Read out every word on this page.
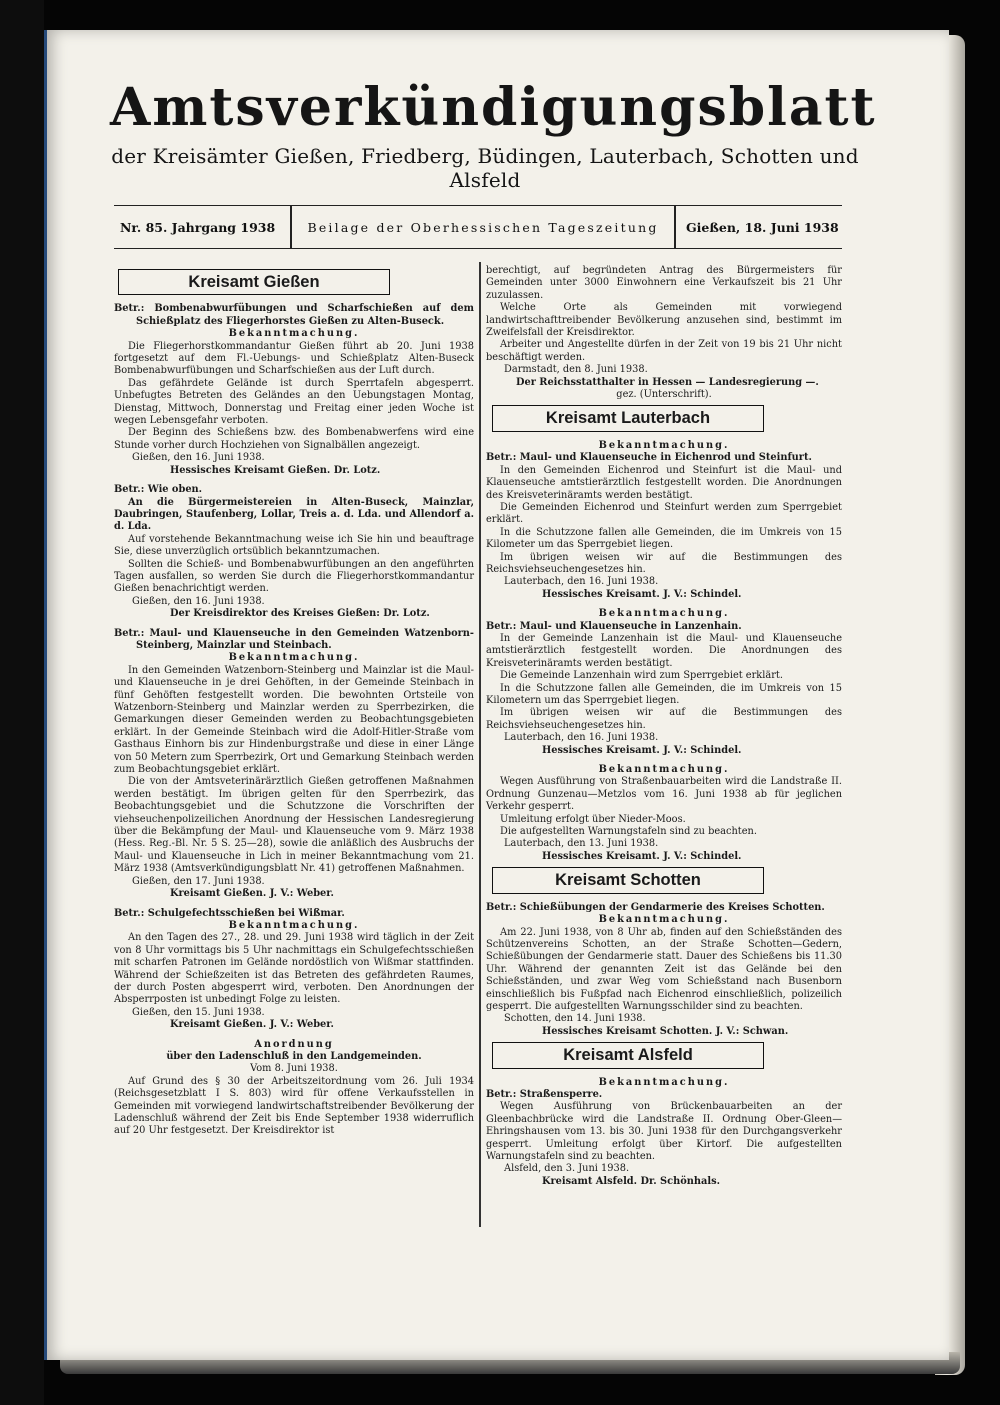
Amtsverkündigungsblatt
der Kreisämter Gießen, Friedberg, Büdingen, Lauterbach, Schotten und Alsfeld
Nr. 85. Jahrgang 1938	Beilage der Oberhessischen Tageszeitung	Gießen, 18. Juni 1938
Kreisamt Gießen

Betr.: Bombenabwurfübungen und Scharfschießen auf dem Schießplatz des Fliegerhorstes Gießen zu Alten-Buseck.

Bekanntmachung.

Die Fliegerhorstkommandantur Gießen führt ab 20. Juni 1938 fortgesetzt auf dem Fl.-Uebungs- und Schießplatz Alten-Buseck Bombenabwurfübungen und Scharfschießen aus der Luft durch.

Das gefährdete Gelände ist durch Sperrtafeln abgesperrt. Unbefugtes Betreten des Geländes an den Uebungstagen Montag, Dienstag, Mittwoch, Donnerstag und Freitag einer jeden Woche ist wegen Lebensgefahr verboten.

Der Beginn des Schießens bzw. des Bombenabwerfens wird eine Stunde vorher durch Hochziehen von Signalbällen angezeigt.

Gießen, den 16. Juni 1938.

Hessisches Kreisamt Gießen. Dr. Lotz.

Betr.: Wie oben.

An die Bürgermeistereien in Alten-Buseck, Mainzlar, Daubringen, Staufenberg, Lollar, Treis a. d. Lda. und Allendorf a. d. Lda.

Auf vorstehende Bekanntmachung weise ich Sie hin und beauftrage Sie, diese unverzüglich ortsüblich bekanntzumachen.

Sollten die Schieß- und Bombenabwurfübungen an den angeführten Tagen ausfallen, so werden Sie durch die Fliegerhorstkommandantur Gießen benachrichtigt werden.

Gießen, den 16. Juni 1938.

Der Kreisdirektor des Kreises Gießen: Dr. Lotz.

Betr.: Maul- und Klauenseuche in den Gemeinden Watzenborn-Steinberg, Mainzlar und Steinbach.

Bekanntmachung.

In den Gemeinden Watzenborn-Steinberg und Mainzlar ist die Maul- und Klauenseuche in je drei Gehöften, in der Gemeinde Steinbach in fünf Gehöften festgestellt worden. Die bewohnten Ortsteile von Watzenborn-Steinberg und Mainzlar werden zu Sperrbezirken, die Gemarkungen dieser Gemeinden werden zu Beobachtungsgebieten erklärt. In der Gemeinde Steinbach wird die Adolf-Hitler-Straße vom Gasthaus Einhorn bis zur Hindenburgstraße und diese in einer Länge von 50 Metern zum Sperrbezirk, Ort und Gemarkung Steinbach werden zum Beobachtungsgebiet erklärt.

Die von der Amtsveterinärärztlich Gießen getroffenen Maßnahmen werden bestätigt. Im übrigen gelten für den Sperrbezirk, das Beobachtungsgebiet und die Schutzzone die Vorschriften der viehseuchenpolizeilichen Anordnung der Hessischen Landesregierung über die Bekämpfung der Maul- und Klauenseuche vom 9. März 1938 (Hess. Reg.-Bl. Nr. 5 S. 25—28), sowie die anläßlich des Ausbruchs der Maul- und Klauenseuche in Lich in meiner Bekanntmachung vom 21. März 1938 (Amtsverkündigungsblatt Nr. 41) getroffenen Maßnahmen.

Gießen, den 17. Juni 1938.

Kreisamt Gießen. J. V.: Weber.

Betr.: Schulgefechtsschießen bei Wißmar.

Bekanntmachung.

An den Tagen des 27., 28. und 29. Juni 1938 wird täglich in der Zeit von 8 Uhr vormittags bis 5 Uhr nachmittags ein Schulgefechtsschießen mit scharfen Patronen im Gelände nordöstlich von Wißmar stattfinden. Während der Schießzeiten ist das Betreten des gefährdeten Raumes, der durch Posten abgesperrt wird, verboten. Den Anordnungen der Absperrposten ist unbedingt Folge zu leisten.

Gießen, den 15. Juni 1938.

Kreisamt Gießen. J. V.: Weber.

Anordnung

über den Ladenschluß in den Landgemeinden.

Vom 8. Juni 1938.

Auf Grund des § 30 der Arbeitszeitordnung vom 26. Juli 1934 (Reichsgesetzblatt I S. 803) wird für offene Verkaufsstellen in Gemeinden mit vorwiegend landwirtschaftstreibender Bevölkerung der Ladenschluß während der Zeit bis Ende September 1938 widerruflich auf 20 Uhr festgesetzt. Der Kreisdirektor ist

berechtigt, auf begründeten Antrag des Bürgermeisters für Gemeinden unter 3000 Einwohnern eine Verkaufszeit bis 21 Uhr zuzulassen.

Welche Orte als Gemeinden mit vorwiegend landwirtschafttreibender Bevölkerung anzusehen sind, bestimmt im Zweifelsfall der Kreisdirektor.

Arbeiter und Angestellte dürfen in der Zeit von 19 bis 21 Uhr nicht beschäftigt werden.

Darmstadt, den 8. Juni 1938.

Der Reichsstatthalter in Hessen — Landesregierung —.

gez. (Unterschrift).

Kreisamt Lauterbach

Bekanntmachung.

Betr.: Maul- und Klauenseuche in Eichenrod und Steinfurt.

In den Gemeinden Eichenrod und Steinfurt ist die Maul- und Klauenseuche amtstierärztlich festgestellt worden. Die Anordnungen des Kreisveterinäramts werden bestätigt.

Die Gemeinden Eichenrod und Steinfurt werden zum Sperrgebiet erklärt.

In die Schutzzone fallen alle Gemeinden, die im Umkreis von 15 Kilometer um das Sperrgebiet liegen.

Im übrigen weisen wir auf die Bestimmungen des Reichsviehseuchengesetzes hin.

Lauterbach, den 16. Juni 1938.

Hessisches Kreisamt. J. V.: Schindel.

Bekanntmachung.

Betr.: Maul- und Klauenseuche in Lanzenhain.

In der Gemeinde Lanzenhain ist die Maul- und Klauenseuche amtstierärztlich festgestellt worden. Die Anordnungen des Kreisveterinäramts werden bestätigt.

Die Gemeinde Lanzenhain wird zum Sperrgebiet erklärt.

In die Schutzzone fallen alle Gemeinden, die im Umkreis von 15 Kilometern um das Sperrgebiet liegen.

Im übrigen weisen wir auf die Bestimmungen des Reichsviehseuchengesetzes hin.

Lauterbach, den 16. Juni 1938.

Hessisches Kreisamt. J. V.: Schindel.

Bekanntmachung.

Wegen Ausführung von Straßenbauarbeiten wird die Landstraße II. Ordnung Gunzenau—Metzlos vom 16. Juni 1938 ab für jeglichen Verkehr gesperrt.

Umleitung erfolgt über Nieder-Moos.

Die aufgestellten Warnungstafeln sind zu beachten.

Lauterbach, den 13. Juni 1938.

Hessisches Kreisamt. J. V.: Schindel.

Kreisamt Schotten

Betr.: Schießübungen der Gendarmerie des Kreises Schotten.

Bekanntmachung.

Am 22. Juni 1938, von 8 Uhr ab, finden auf den Schießständen des Schützenvereins Schotten, an der Straße Schotten—Gedern, Schießübungen der Gendarmerie statt. Dauer des Schießens bis 11.30 Uhr. Während der genannten Zeit ist das Gelände bei den Schießständen, und zwar Weg vom Schießstand nach Busenborn einschließlich bis Fußpfad nach Eichenrod einschließlich, polizeilich gesperrt. Die aufgestellten Warnungsschilder sind zu beachten.

Schotten, den 14. Juni 1938.

Hessisches Kreisamt Schotten. J. V.: Schwan.

Kreisamt Alsfeld

Bekanntmachung.

Betr.: Straßensperre.

Wegen Ausführung von Brückenbauarbeiten an der Gleenbachbrücke wird die Landstraße II. Ordnung Ober-Gleen—Ehringshausen vom 13. bis 30. Juni 1938 für den Durchgangsverkehr gesperrt. Umleitung erfolgt über Kirtorf. Die aufgestellten Warnungstafeln sind zu beachten.

Alsfeld, den 3. Juni 1938.

Kreisamt Alsfeld. Dr. Schönhals.
